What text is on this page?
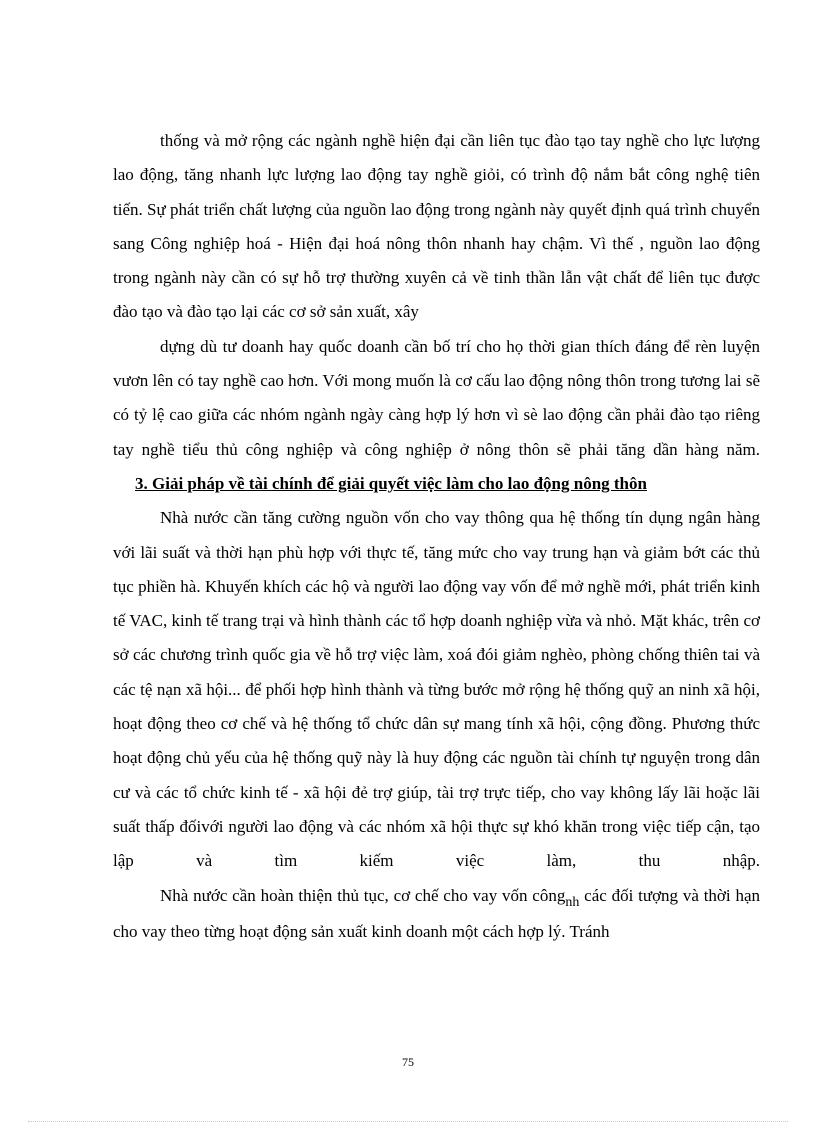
thống và mở rộng các ngành nghề hiện đại cần liên tục đào tạo tay nghề cho lực lượng lao động, tăng nhanh lực lượng lao động tay nghề giỏi, có trình độ nắm bắt công nghệ tiên tiến. Sự phát triển chất lượng của nguồn lao động trong ngành này quyết định quá trình chuyển sang Công nghiệp hoá - Hiện đại hoá nông thôn nhanh hay chậm. Vì thế , nguồn lao động trong ngành này cần có sự hỗ trợ thường xuyên cả về tinh thần lẫn vật chất để liên tục được đào tạo và đào tạo lại các cơ sở sản xuất, xây

dựng dù tư doanh hay quốc doanh cần bố trí cho họ thời gian thích đáng để rèn luyện vươn lên có tay nghề cao hơn. Với mong muốn là cơ cấu lao động nông thôn trong tương lai sẽ có tỷ lệ cao giữa các nhóm ngành ngày càng hợp lý hơn vì sè lao động cần phải đào tạo riêng tay nghề tiểu thủ công nghiệp và công nghiệp ở nông thôn sẽ phải tăng dần hàng năm.

3. Giải pháp về tài chính để giải quyết việc làm cho lao động nông thôn

Nhà nước cần tăng cường nguồn vốn cho vay thông qua hệ thống tín dụng ngân hàng với lãi suất và thời hạn phù hợp với thực tế, tăng mức cho vay trung hạn và giảm bớt các thủ tục phiền hà. Khuyến khích các hộ và người lao động vay vốn để mở nghề mới, phát triển kinh tế VAC, kinh tế trang trại và hình thành các tổ hợp doanh nghiệp vừa và nhỏ. Mặt khác, trên cơ sở các chương trình quốc gia về hỗ trợ việc làm, xoá đói giảm nghèo, phòng chống thiên tai và các tệ nạn xã hội... để phối hợp hình thành và từng bước mở rộng hệ thống quỹ an ninh xã hội, hoạt động theo cơ chế và hệ thống tổ chức dân sự mang tính xã hội, cộng đồng. Phương thức hoạt động chủ yếu của hệ thống quỹ này là huy động các nguồn tài chính tự nguyện trong dân cư và các tổ chức kinh tế - xã hội đẻ trợ giúp, tài trợ trực tiếp, cho vay không lấy lãi hoặc lãi suất thấp đốivới người lao động và các nhóm xã hội thực sự khó khăn trong việc tiếp cận, tạo lập và tìm kiếm việc làm, thu nhập.

Nhà nước cần hoàn thiện thủ tục, cơ chế cho vay vốn công$_{nh}$ các đối tượng và thời hạn cho vay theo từng hoạt động sản xuất kinh doanh một cách hợp lý. Tránh

75
